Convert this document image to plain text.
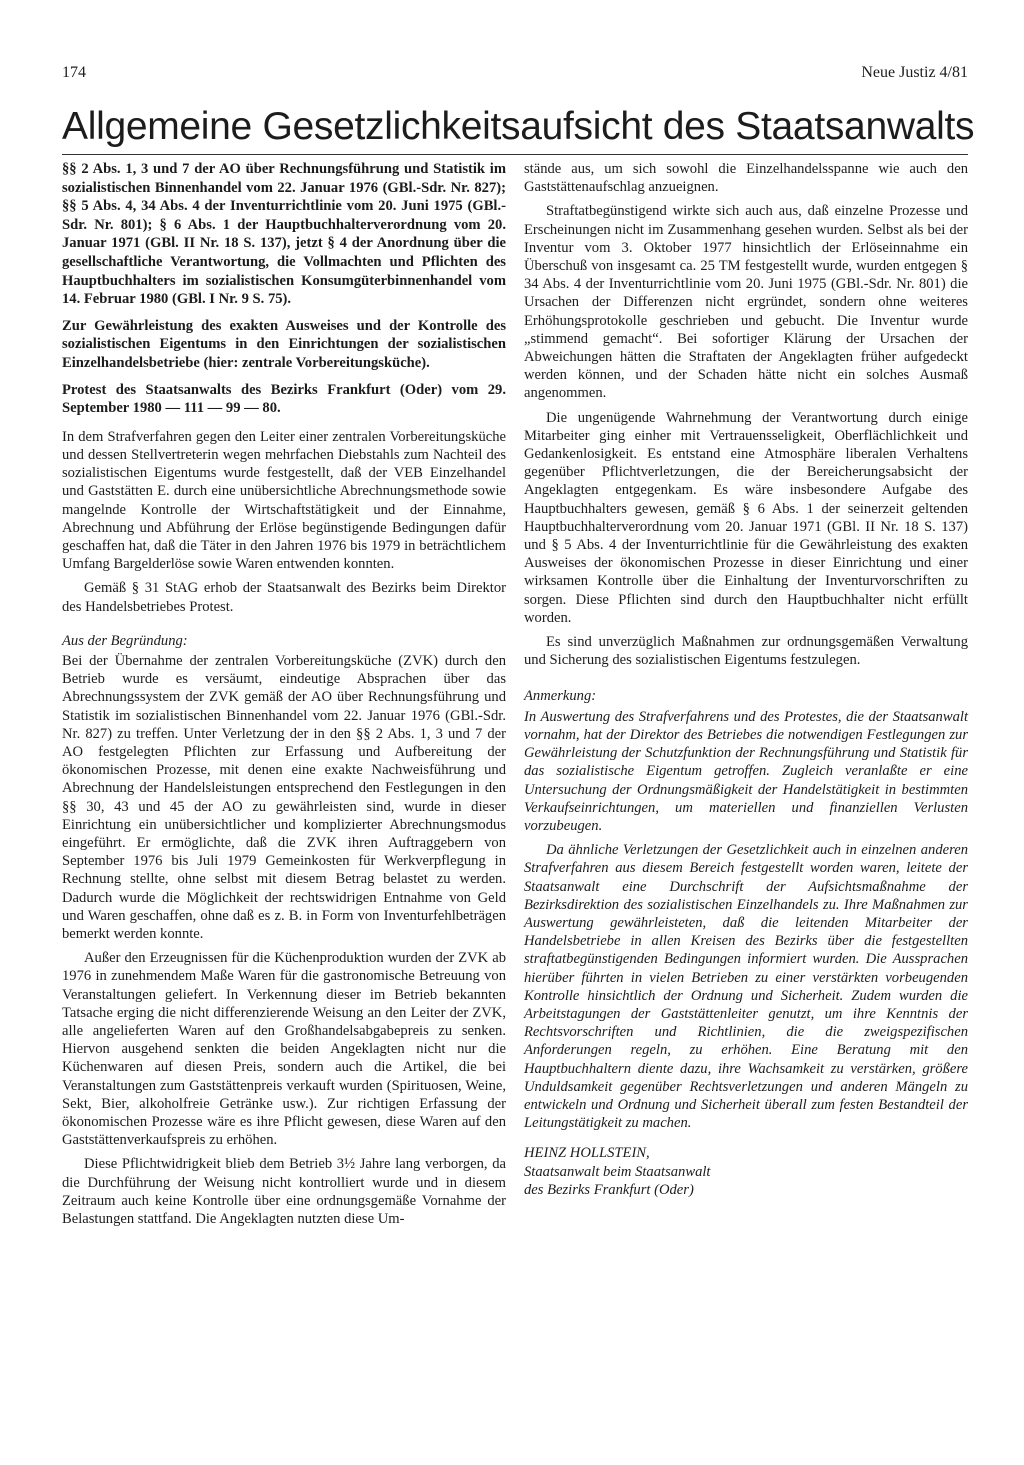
174	Neue Justiz 4/81
Allgemeine Gesetzlichkeitsaufsicht des Staatsanwalts

§§ 2 Abs. 1, 3 und 7 der AO über Rechnungsführung und Statistik im sozialistischen Binnenhandel vom 22. Januar 1976 (GBl.-Sdr. Nr. 827); §§ 5 Abs. 4, 34 Abs. 4 der Inventurrichtlinie vom 20. Juni 1975 (GBl.-Sdr. Nr. 801); § 6 Abs. 1 der Hauptbuchhalterverordnung vom 20. Januar 1971 (GBl. II Nr. 18 S. 137), jetzt § 4 der Anordnung über die gesellschaftliche Verantwortung, die Vollmachten und Pflichten des Hauptbuchhalters im sozialistischen Konsumgüterbinnenhandel vom 14. Februar 1980 (GBl. I Nr. 9 S. 75).

Zur Gewährleistung des exakten Ausweises und der Kontrolle des sozialistischen Eigentums in den Einrichtungen der sozialistischen Einzelhandelsbetriebe (hier: zentrale Vorbereitungsküche).

Protest des Staatsanwalts des Bezirks Frankfurt (Oder) vom 29. September 1980 — 111 — 99 — 80.

In dem Strafverfahren gegen den Leiter einer zentralen Vorbereitungsküche und dessen Stellvertreterin wegen mehrfachen Diebstahls zum Nachteil des sozialistischen Eigentums wurde festgestellt, daß der VEB Einzelhandel und Gaststätten E. durch eine unübersichtliche Abrechnungsmethode sowie mangelnde Kontrolle der Wirtschaftstätigkeit und der Einnahme, Abrechnung und Abführung der Erlöse begünstigende Bedingungen dafür geschaffen hat, daß die Täter in den Jahren 1976 bis 1979 in beträchtlichem Umfang Bargelderlöse sowie Waren entwenden konnten.

Gemäß § 31 StAG erhob der Staatsanwalt des Bezirks beim Direktor des Handelsbetriebes Protest.

Aus der Begründung:

Bei der Übernahme der zentralen Vorbereitungsküche (ZVK) durch den Betrieb wurde es versäumt, eindeutige Absprachen über das Abrechnungssystem der ZVK gemäß der AO über Rechnungsführung und Statistik im sozialistischen Binnenhandel vom 22. Januar 1976 (GBl.-Sdr. Nr. 827) zu treffen. Unter Verletzung der in den §§ 2 Abs. 1, 3 und 7 der AO festgelegten Pflichten zur Erfassung und Aufbereitung der ökonomischen Prozesse, mit denen eine exakte Nachweisführung und Abrechnung der Handelsleistungen entsprechend den Festlegungen in den §§ 30, 43 und 45 der AO zu gewährleisten sind, wurde in dieser Einrichtung ein unübersichtlicher und komplizierter Abrechnungsmodus eingeführt. Er ermöglichte, daß die ZVK ihren Auftraggebern von September 1976 bis Juli 1979 Gemeinkosten für Werkverpflegung in Rechnung stellte, ohne selbst mit diesem Betrag belastet zu werden. Dadurch wurde die Möglichkeit der rechtswidrigen Entnahme von Geld und Waren geschaffen, ohne daß es z. B. in Form von Inventurfehlbeträgen bemerkt werden konnte.

Außer den Erzeugnissen für die Küchenproduktion wurden der ZVK ab 1976 in zunehmendem Maße Waren für die gastronomische Betreuung von Veranstaltungen geliefert. In Verkennung dieser im Betrieb bekannten Tatsache erging die nicht differenzierende Weisung an den Leiter der ZVK, alle angelieferten Waren auf den Großhandelsabgabepreis zu senken. Hiervon ausgehend senkten die beiden Angeklagten nicht nur die Küchenwaren auf diesen Preis, sondern auch die Artikel, die bei Veranstaltungen zum Gaststättenpreis verkauft wurden (Spirituosen, Weine, Sekt, Bier, alkoholfreie Getränke usw.). Zur richtigen Erfassung der ökonomischen Prozesse wäre es ihre Pflicht gewesen, diese Waren auf den Gaststättenverkaufspreis zu erhöhen.

Diese Pflichtwidrigkeit blieb dem Betrieb 3½ Jahre lang verborgen, da die Durchführung der Weisung nicht kontrolliert wurde und in diesem Zeitraum auch keine Kontrolle über eine ordnungsgemäße Vornahme der Belastungen stattfand. Die Angeklagten nutzten diese Um-

stände aus, um sich sowohl die Einzelhandelsspanne wie auch den Gaststättenaufschlag anzueignen.

Straftatbegünstigend wirkte sich auch aus, daß einzelne Prozesse und Erscheinungen nicht im Zusammenhang gesehen wurden. Selbst als bei der Inventur vom 3. Oktober 1977 hinsichtlich der Erlöseinnahme ein Überschuß von insgesamt ca. 25 TM festgestellt wurde, wurden entgegen § 34 Abs. 4 der Inventurrichtlinie vom 20. Juni 1975 (GBl.-Sdr. Nr. 801) die Ursachen der Differenzen nicht ergründet, sondern ohne weiteres Erhöhungsprotokolle geschrieben und gebucht. Die Inventur wurde „stimmend gemacht“. Bei sofortiger Klärung der Ursachen der Abweichungen hätten die Straftaten der Angeklagten früher aufgedeckt werden können, und der Schaden hätte nicht ein solches Ausmaß angenommen.

Die ungenügende Wahrnehmung der Verantwortung durch einige Mitarbeiter ging einher mit Vertrauensseligkeit, Oberflächlichkeit und Gedankenlosigkeit. Es entstand eine Atmosphäre liberalen Verhaltens gegenüber Pflichtverletzungen, die der Bereicherungsabsicht der Angeklagten entgegenkam. Es wäre insbesondere Aufgabe des Hauptbuchhalters gewesen, gemäß § 6 Abs. 1 der seinerzeit geltenden Hauptbuchhalterverordnung vom 20. Januar 1971 (GBl. II Nr. 18 S. 137) und § 5 Abs. 4 der Inventurrichtlinie für die Gewährleistung des exakten Ausweises der ökonomischen Prozesse in dieser Einrichtung und einer wirksamen Kontrolle über die Einhaltung der Inventurvorschriften zu sorgen. Diese Pflichten sind durch den Hauptbuchhalter nicht erfüllt worden.

Es sind unverzüglich Maßnahmen zur ordnungsgemäßen Verwaltung und Sicherung des sozialistischen Eigentums festzulegen.

Anmerkung:

In Auswertung des Strafverfahrens und des Protestes, die der Staatsanwalt vornahm, hat der Direktor des Betriebes die notwendigen Festlegungen zur Gewährleistung der Schutzfunktion der Rechnungsführung und Statistik für das sozialistische Eigentum getroffen. Zugleich veranlaßte er eine Untersuchung der Ordnungsmäßigkeit der Handelstätigkeit in bestimmten Verkaufseinrichtungen, um materiellen und finanziellen Verlusten vorzubeugen.

Da ähnliche Verletzungen der Gesetzlichkeit auch in einzelnen anderen Strafverfahren aus diesem Bereich festgestellt worden waren, leitete der Staatsanwalt eine Durchschrift der Aufsichtsmaßnahme der Bezirksdirektion des sozialistischen Einzelhandels zu. Ihre Maßnahmen zur Auswertung gewährleisteten, daß die leitenden Mitarbeiter der Handelsbetriebe in allen Kreisen des Bezirks über die festgestellten straftatbegünstigenden Bedingungen informiert wurden. Die Aussprachen hierüber führten in vielen Betrieben zu einer verstärkten vorbeugenden Kontrolle hinsichtlich der Ordnung und Sicherheit. Zudem wurden die Arbeitstagungen der Gaststättenleiter genutzt, um ihre Kenntnis der Rechtsvorschriften und Richtlinien, die die zweigspezifischen Anforderungen regeln, zu erhöhen. Eine Beratung mit den Hauptbuchhaltern diente dazu, ihre Wachsamkeit zu verstärken, größere Unduldsamkeit gegenüber Rechtsverletzungen und anderen Mängeln zu entwickeln und Ordnung und Sicherheit überall zum festen Bestandteil der Leitungstätigkeit zu machen.

HEINZ HOLLSTEIN,
Staatsanwalt beim Staatsanwalt
des Bezirks Frankfurt (Oder)
